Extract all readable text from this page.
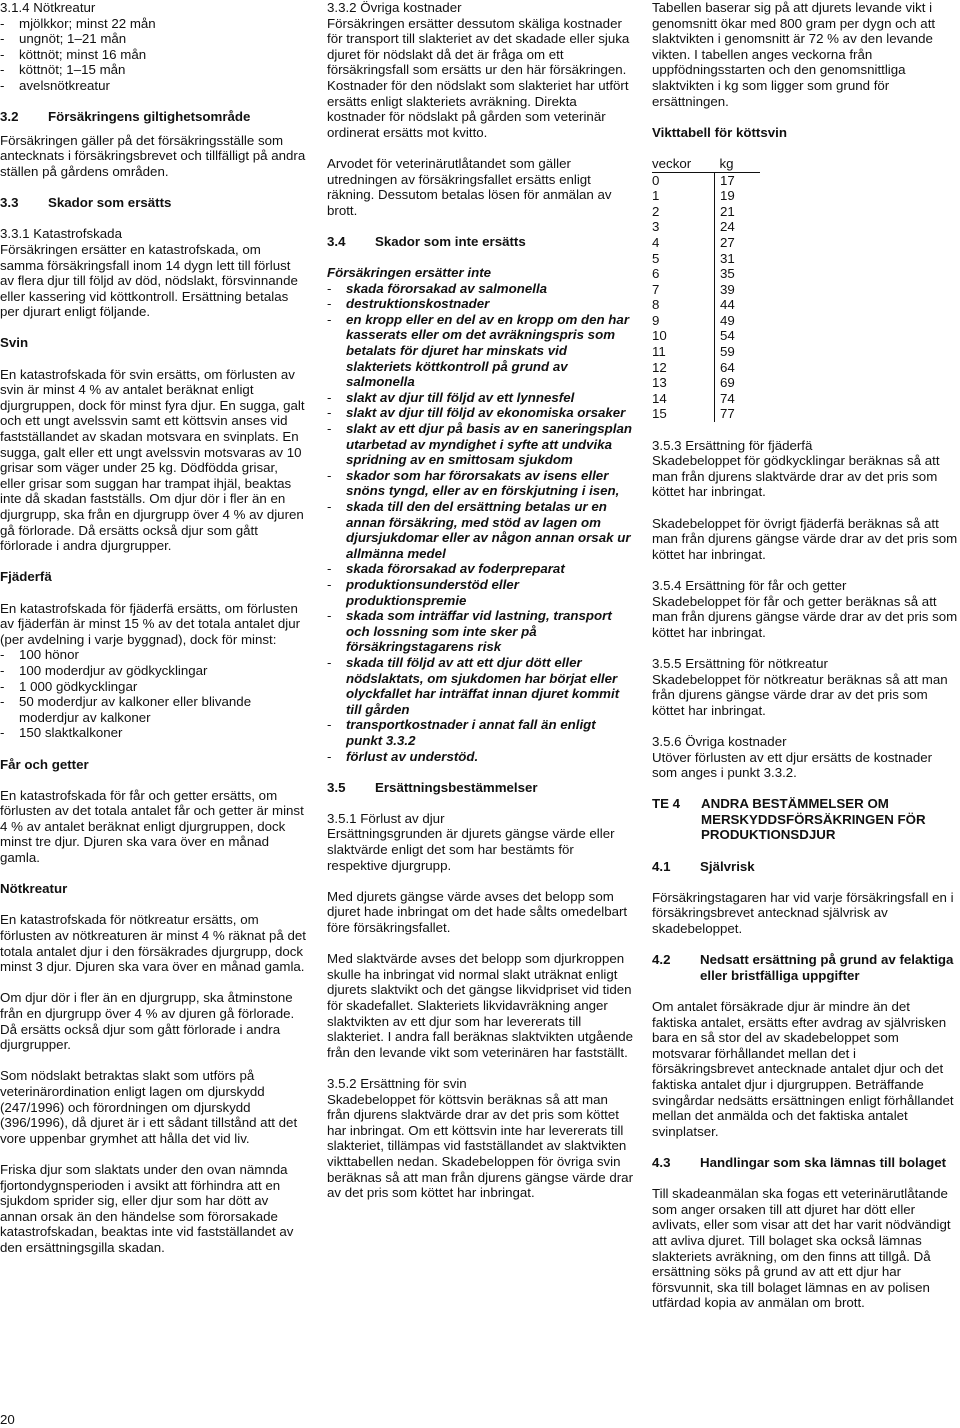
3.1.4 Nötkreatur

- mjölkkor; minst 22 mån
- ungnöt; 1–21 mån
- köttnöt; minst 16 mån
- köttnöt; 1–15 mån
- avelsnötkreatur
3.2	Försäkringens giltighetsområde

Försäkringen gäller på det försäkringsställe som antecknats i försäkringsbrevet och tillfälligt på andra ställen på gårdens områden.

3.3	Skador som ersätts

3.3.1 Katastrofskada

Försäkringen ersätter en katastrofskada, om samma försäkringsfall inom 14 dygn lett till förlust av flera djur till följd av död, nödslakt, försvinnande eller kassering vid köttkontroll. Ersättning betalas per djurart enligt följande.

Svin

En katastrofskada för svin ersätts, om förlusten av svin är minst 4 % av antalet beräknat enligt djurgruppen, dock för minst fyra djur. En sugga, galt och ett ungt avelssvin samt ett köttsvin anses vid fastställandet av skadan motsvara en svinplats. En sugga, galt eller ett ungt avelssvin motsvaras av 10 grisar som väger under 25 kg. Dödfödda grisar, eller grisar som suggan har trampat ihjäl, beaktas inte då skadan fastställs. Om djur dör i fler än en djurgrupp, ska från en djurgrupp över 4 % av djuren gå förlorade. Då ersätts också djur som gått förlorade i andra djurgrupper.

Fjäderfä

En katastrofskada för fjäderfä ersätts, om förlusten av fjäderfän är minst 15 % av det totala antalet djur (per avdelning i varje byggnad), dock för minst:

- 100 hönor
- 100 moderdjur av gödkycklingar
- 1 000 gödkycklingar
- 50 moderdjur av kalkoner eller blivande moderdjur av kalkoner
- 150 slaktkalkoner

Får och getter

En katastrofskada för får och getter ersätts, om förlusten av det totala antalet får och getter är minst 4 % av antalet beräknat enligt djurgruppen, dock minst tre djur. Djuren ska vara över en månad gamla.

Nötkreatur

En katastrofskada för nötkreatur ersätts, om förlusten av nötkreaturen är minst 4 % räknat på det totala antalet djur i den försäkrades djurgrupp, dock minst 3 djur. Djuren ska vara över en månad gamla.

Om djur dör i fler än en djurgrupp, ska åtminstone från en djurgrupp över 4 % av djuren gå förlorade. Då ersätts också djur som gått förlorade i andra djurgrupper.

Som nödslakt betraktas slakt som utförs på veterinärordination enligt lagen om djurskydd (247/1996) och förordningen om djurskydd (396/1996), då djuret är i ett sådant tillstånd att det vore uppenbar grymhet att hålla det vid liv.

Friska djur som slaktats under den ovan nämnda fjortondygnsperioden i avsikt att förhindra att en sjukdom sprider sig, eller djur som har dött av annan orsak än den händelse som förorsakade katastrofskadan, beaktas inte vid fastställandet av den ersättningsgilla skadan.

3.3.2 Övriga kostnader

Försäkringen ersätter dessutom skäliga kostnader för transport till slakteriet av det skadade eller sjuka djuret för nödslakt då det är fråga om ett försäkringsfall som ersätts ur den här försäkringen. Kostnader för den nödslakt som slakteriet har utfört ersätts enligt slakteriets avräkning. Direkta kostnader för nödslakt på gården som veterinär ordinerat ersätts mot kvitto.

Arvodet för veterinärutlåtandet som gäller utredningen av försäkringsfallet ersätts enligt räkning. Dessutom betalas lösen för anmälan av brott.

3.4	Skador som inte ersätts

Försäkringen ersätter inte

- skada förorsakad av salmonella
- destruktionskostnader
- en kropp eller en del av en kropp om den har kasserats eller om det avräkningspris som betalats för djuret har minskats vid slakteriets köttkontroll på grund av salmonella
- slakt av djur till följd av ett lynnesfel
- slakt av djur till följd av ekonomiska orsaker
- slakt av ett djur på basis av en saneringsplan utarbetad av myndighet i syfte att undvika spridning av en smittosam sjukdom
- skador som har förorsakats av isens eller snöns tyngd, eller av en förskjutning i isen,
- skada till den del ersättning betalas ur en annan försäkring, med stöd av lagen om djursjukdomar eller av någon annan orsak ur allmänna medel
- skada förorsakad av foderpreparat
- produktionsunderstöd eller produktionspremie
- skada som inträffar vid lastning, transport och lossning som inte sker på försäkringstagarens risk
- skada till följd av att ett djur dött eller nödslaktats, om sjukdomen har börjat eller olyckfallet har inträffat innan djuret kommit till gården
- transportkostnader i annat fall än enligt punkt 3.3.2
- förlust av understöd.
3.5	Ersättningsbestämmelser

3.5.1 Förlust av djur

Ersättningsgrunden är djurets gängse värde eller slaktvärde enligt det som har bestämts för respektive djurgrupp.

Med djurets gängse värde avses det belopp som djuret hade inbringat om det hade sålts omedelbart före försäkringsfallet.

Med slaktvärde avses det belopp som djurkroppen skulle ha inbringat vid normal slakt uträknat enligt djurets slaktvikt och det gängse likvidpriset vid tiden för skadefallet. Slakteriets likvidavräkning anger slaktvikten av ett djur som har levererats till slakteriet. I andra fall beräknas slaktvikten utgående från den levande vikt som veterinären har fastställt.

3.5.2 Ersättning för svin

Skadebeloppet för köttsvin beräknas så att man från djurens slaktvärde drar av det pris som köttet har inbringat. Om ett köttsvin inte har levererats till slakteriet, tillämpas vid fastställandet av slaktvikten vikttabellen nedan. Skadebeloppen för övriga svin beräknas så att man från djurens gängse värde drar av det pris som köttet har inbringat.

Tabellen baserar sig på att djurets levande vikt i genomsnitt ökar med 800 gram per dygn och att slaktvikten i genomsnitt är 72 % av den levande vikten. I tabellen anges veckorna från uppfödningsstarten och den genomsnittliga slaktvikten i kg som ligger som grund för ersättningen.

Vikttabell för köttsvin

veckor	kg
0	17
1	19
2	21
3	24
4	27
5	31
6	35
7	39
8	44
9	49
10	54
11	59
12	64
13	69
14	74
15	77

3.5.3 Ersättning för fjäderfä

Skadebeloppet för gödkycklingar beräknas så att man från djurens slaktvärde drar av det pris som köttet har inbringat.

Skadebeloppet för övrigt fjäderfä beräknas så att man från djurens gängse värde drar av det pris som köttet har inbringat.

3.5.4 Ersättning för får och getter

Skadebeloppet för får och getter beräknas så att man från djurens gängse värde drar av det pris som köttet har inbringat.

3.5.5 Ersättning för nötkreatur

Skadebeloppet för nötkreatur beräknas så att man från djurens gängse värde drar av det pris som köttet har inbringat.

3.5.6 Övriga kostnader

Utöver förlusten av ett djur ersätts de kostnader som anges i punkt 3.3.2.

TE 4	ANDRA BESTÄMMELSER OM MERSKYDDSFÖRSÄKRINGEN FÖR PRODUKTIONSDJUR
4.1	Självrisk

Försäkringstagaren har vid varje försäkringsfall en i försäkringsbrevet antecknad självrisk av skadebeloppet.

4.2	Nedsatt ersättning på grund av felaktiga eller bristfälliga uppgifter

Om antalet försäkrade djur är mindre än det faktiska antalet, ersätts efter avdrag av självrisken bara en så stor del av skadebeloppet som motsvarar förhållandet mellan det i försäkringsbrevet antecknade antalet djur och det faktiska antalet djur i djurgruppen. Beträffande svingårdar nedsätts ersättningen enligt förhållandet mellan det anmälda och det faktiska antalet svinplatser.

4.3	Handlingar som ska lämnas till bolaget

Till skadeanmälan ska fogas ett veterinärutlåtande som anger orsaken till att djuret har dött eller avlivats, eller som visar att det har varit nödvändigt att avliva djuret. Till bolaget ska också lämnas slakteriets avräkning, om den finns att tillgå. Då ersättning söks på grund av att ett djur har försvunnit, ska till bolaget lämnas en av polisen utfärdad kopia av anmälan om brott.

20
